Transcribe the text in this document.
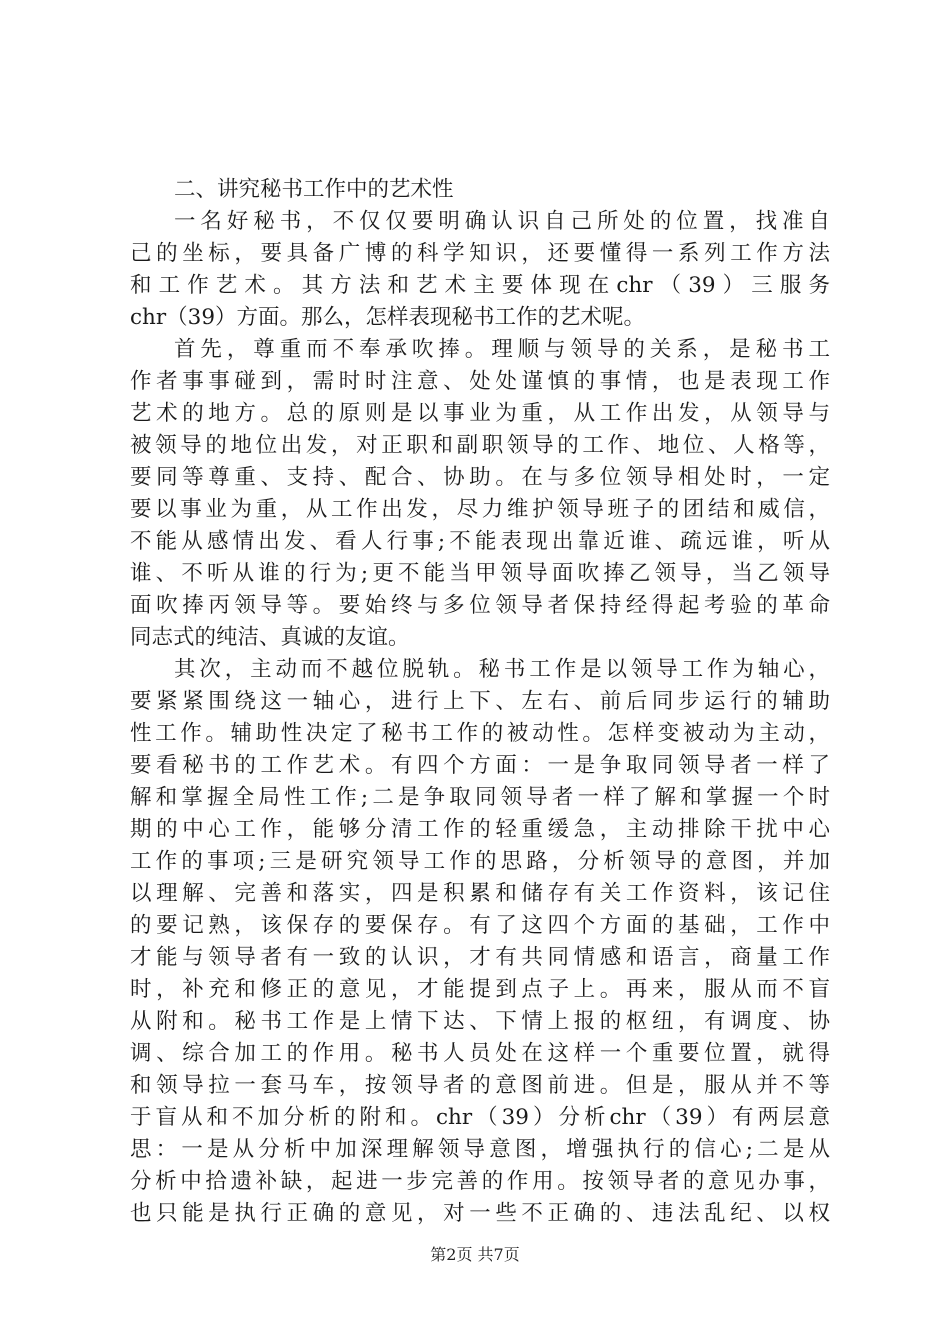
二、讲究秘书工作中的艺术性
一名好秘书，不仅仅要明确认识自己所处的位置，找准自
己的坐标，要具备广博的科学知识，还要懂得一系列工作方法
和工作艺术。其方法和艺术主要体现在chr（39）三服务
chr（39）方面。那么，怎样表现秘书工作的艺术呢。
首先，尊重而不奉承吹捧。理顺与领导的关系，是秘书工
作者事事碰到，需时时注意、处处谨慎的事情，也是表现工作
艺术的地方。总的原则是以事业为重，从工作出发，从领导与
被领导的地位出发，对正职和副职领导的工作、地位、人格等，
要同等尊重、支持、配合、协助。在与多位领导相处时，一定
要以事业为重，从工作出发，尽力维护领导班子的团结和威信，
不能从感情出发、看人行事;不能表现出靠近谁、疏远谁，听从
谁、不听从谁的行为;更不能当甲领导面吹捧乙领导，当乙领导
面吹捧丙领导等。要始终与多位领导者保持经得起考验的革命
同志式的纯洁、真诚的友谊。
其次，主动而不越位脱轨。秘书工作是以领导工作为轴心，
要紧紧围绕这一轴心，进行上下、左右、前后同步运行的辅助
性工作。辅助性决定了秘书工作的被动性。怎样变被动为主动，
要看秘书的工作艺术。有四个方面：一是争取同领导者一样了
解和掌握全局性工作;二是争取同领导者一样了解和掌握一个时
期的中心工作，能够分清工作的轻重缓急，主动排除干扰中心
工作的事项;三是研究领导工作的思路，分析领导的意图，并加
以理解、完善和落实，四是积累和储存有关工作资料，该记住
的要记熟，该保存的要保存。有了这四个方面的基础，工作中
才能与领导者有一致的认识，才有共同情感和语言，商量工作
时，补充和修正的意见，才能提到点子上。再来，服从而不盲
从附和。秘书工作是上情下达、下情上报的枢纽，有调度、协
调、综合加工的作用。秘书人员处在这样一个重要位置，就得
和领导拉一套马车，按领导者的意图前进。但是，服从并不等
于盲从和不加分析的附和。chr（39）分析chr（39）有两层意
思：一是从分析中加深理解领导意图，增强执行的信心;二是从
分析中拾遗补缺，起进一步完善的作用。按领导者的意见办事，
也只能是执行正确的意见，对一些不正确的、违法乱纪、以权
第2页 共7页
